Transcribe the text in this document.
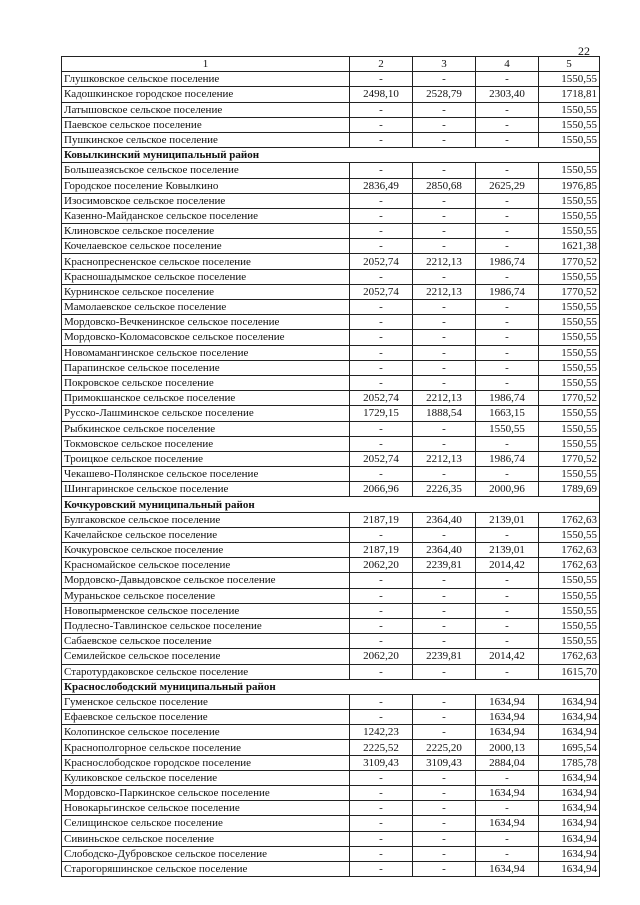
22
1	2	3	4	5
Глушковское сельское поселение	-	-	-	1550,55
Кадошкинское городское поселение	2498,10	2528,79	2303,40	1718,81
Латышовское сельское поселение	-	-	-	1550,55
Паевское сельское поселение	-	-	-	1550,55
Пушкинское сельское поселение	-	-	-	1550,55
Ковылкинский муниципальный район				
Большеазясьское сельское поселение	-	-	-	1550,55
Городское поселение Ковылкино	2836,49	2850,68	2625,29	1976,85
Изосимовское сельское поселение	-	-	-	1550,55
Казенно-Майданское сельское поселение	-	-	-	1550,55
Клиновское сельское поселение	-	-	-	1550,55
Кочелаевское сельское поселение	-	-	-	1621,38
Краснопресненское сельское поселение	2052,74	2212,13	1986,74	1770,52
Красношадымское сельское поселение	-	-	-	1550,55
Курнинское сельское поселение	2052,74	2212,13	1986,74	1770,52
Мамолаевское сельское поселение	-	-	-	1550,55
Мордовско-Вечкенинское сельское поселение	-	-	-	1550,55
Мордовско-Коломасовское сельское поселение	-	-	-	1550,55
Новомамангинское сельское поселение	-	-	-	1550,55
Парапинское сельское поселение	-	-	-	1550,55
Покровское сельское поселение	-	-	-	1550,55
Примокшанское сельское поселение	2052,74	2212,13	1986,74	1770,52
Русско-Лашминское сельское поселение	1729,15	1888,54	1663,15	1550,55
Рыбкинское сельское поселение	-	-	1550,55	1550,55
Токмовское сельское поселение	-	-	-	1550,55
Троицкое сельское поселение	2052,74	2212,13	1986,74	1770,52
Чекашево-Полянское сельское поселение	-	-	-	1550,55
Шингаринское сельское поселение	2066,96	2226,35	2000,96	1789,69
Кочкуровский муниципальный район				
Булгаковское сельское поселение	2187,19	2364,40	2139,01	1762,63
Качелайское сельское поселение	-	-	-	1550,55
Кочкуровское сельское поселение	2187,19	2364,40	2139,01	1762,63
Красномайское сельское поселение	2062,20	2239,81	2014,42	1762,63
Мордовско-Давыдовское сельское поселение	-	-	-	1550,55
Мураньское сельское поселение	-	-	-	1550,55
Новопырменское сельское поселение	-	-	-	1550,55
Подлесно-Тавлинское сельское поселение	-	-	-	1550,55
Сабаевское сельское поселение	-	-	-	1550,55
Семилейское сельское поселение	2062,20	2239,81	2014,42	1762,63
Старотурдаковское сельское поселение	-	-	-	1615,70
Краснослободский муниципальный район				
Гуменское сельское поселение	-	-	1634,94	1634,94
Ефаевское сельское поселение	-	-	1634,94	1634,94
Колопинское сельское поселение	1242,23	-	1634,94	1634,94
Краснополгорное сельское поселение	2225,52	2225,20	2000,13	1695,54
Краснослободское городское поселение	3109,43	3109,43	2884,04	1785,78
Куликовское сельское поселение	-	-	-	1634,94
Мордовско-Паркинское сельское поселение	-	-	1634,94	1634,94
Новокарьгинское сельское поселение	-	-	-	1634,94
Селищинское сельское поселение	-	-	1634,94	1634,94
Сивиньское сельское поселение	-	-	-	1634,94
Слободско-Дубровское сельское поселение	-	-	-	1634,94
Старогоряшинское сельское поселение	-	-	1634,94	1634,94
